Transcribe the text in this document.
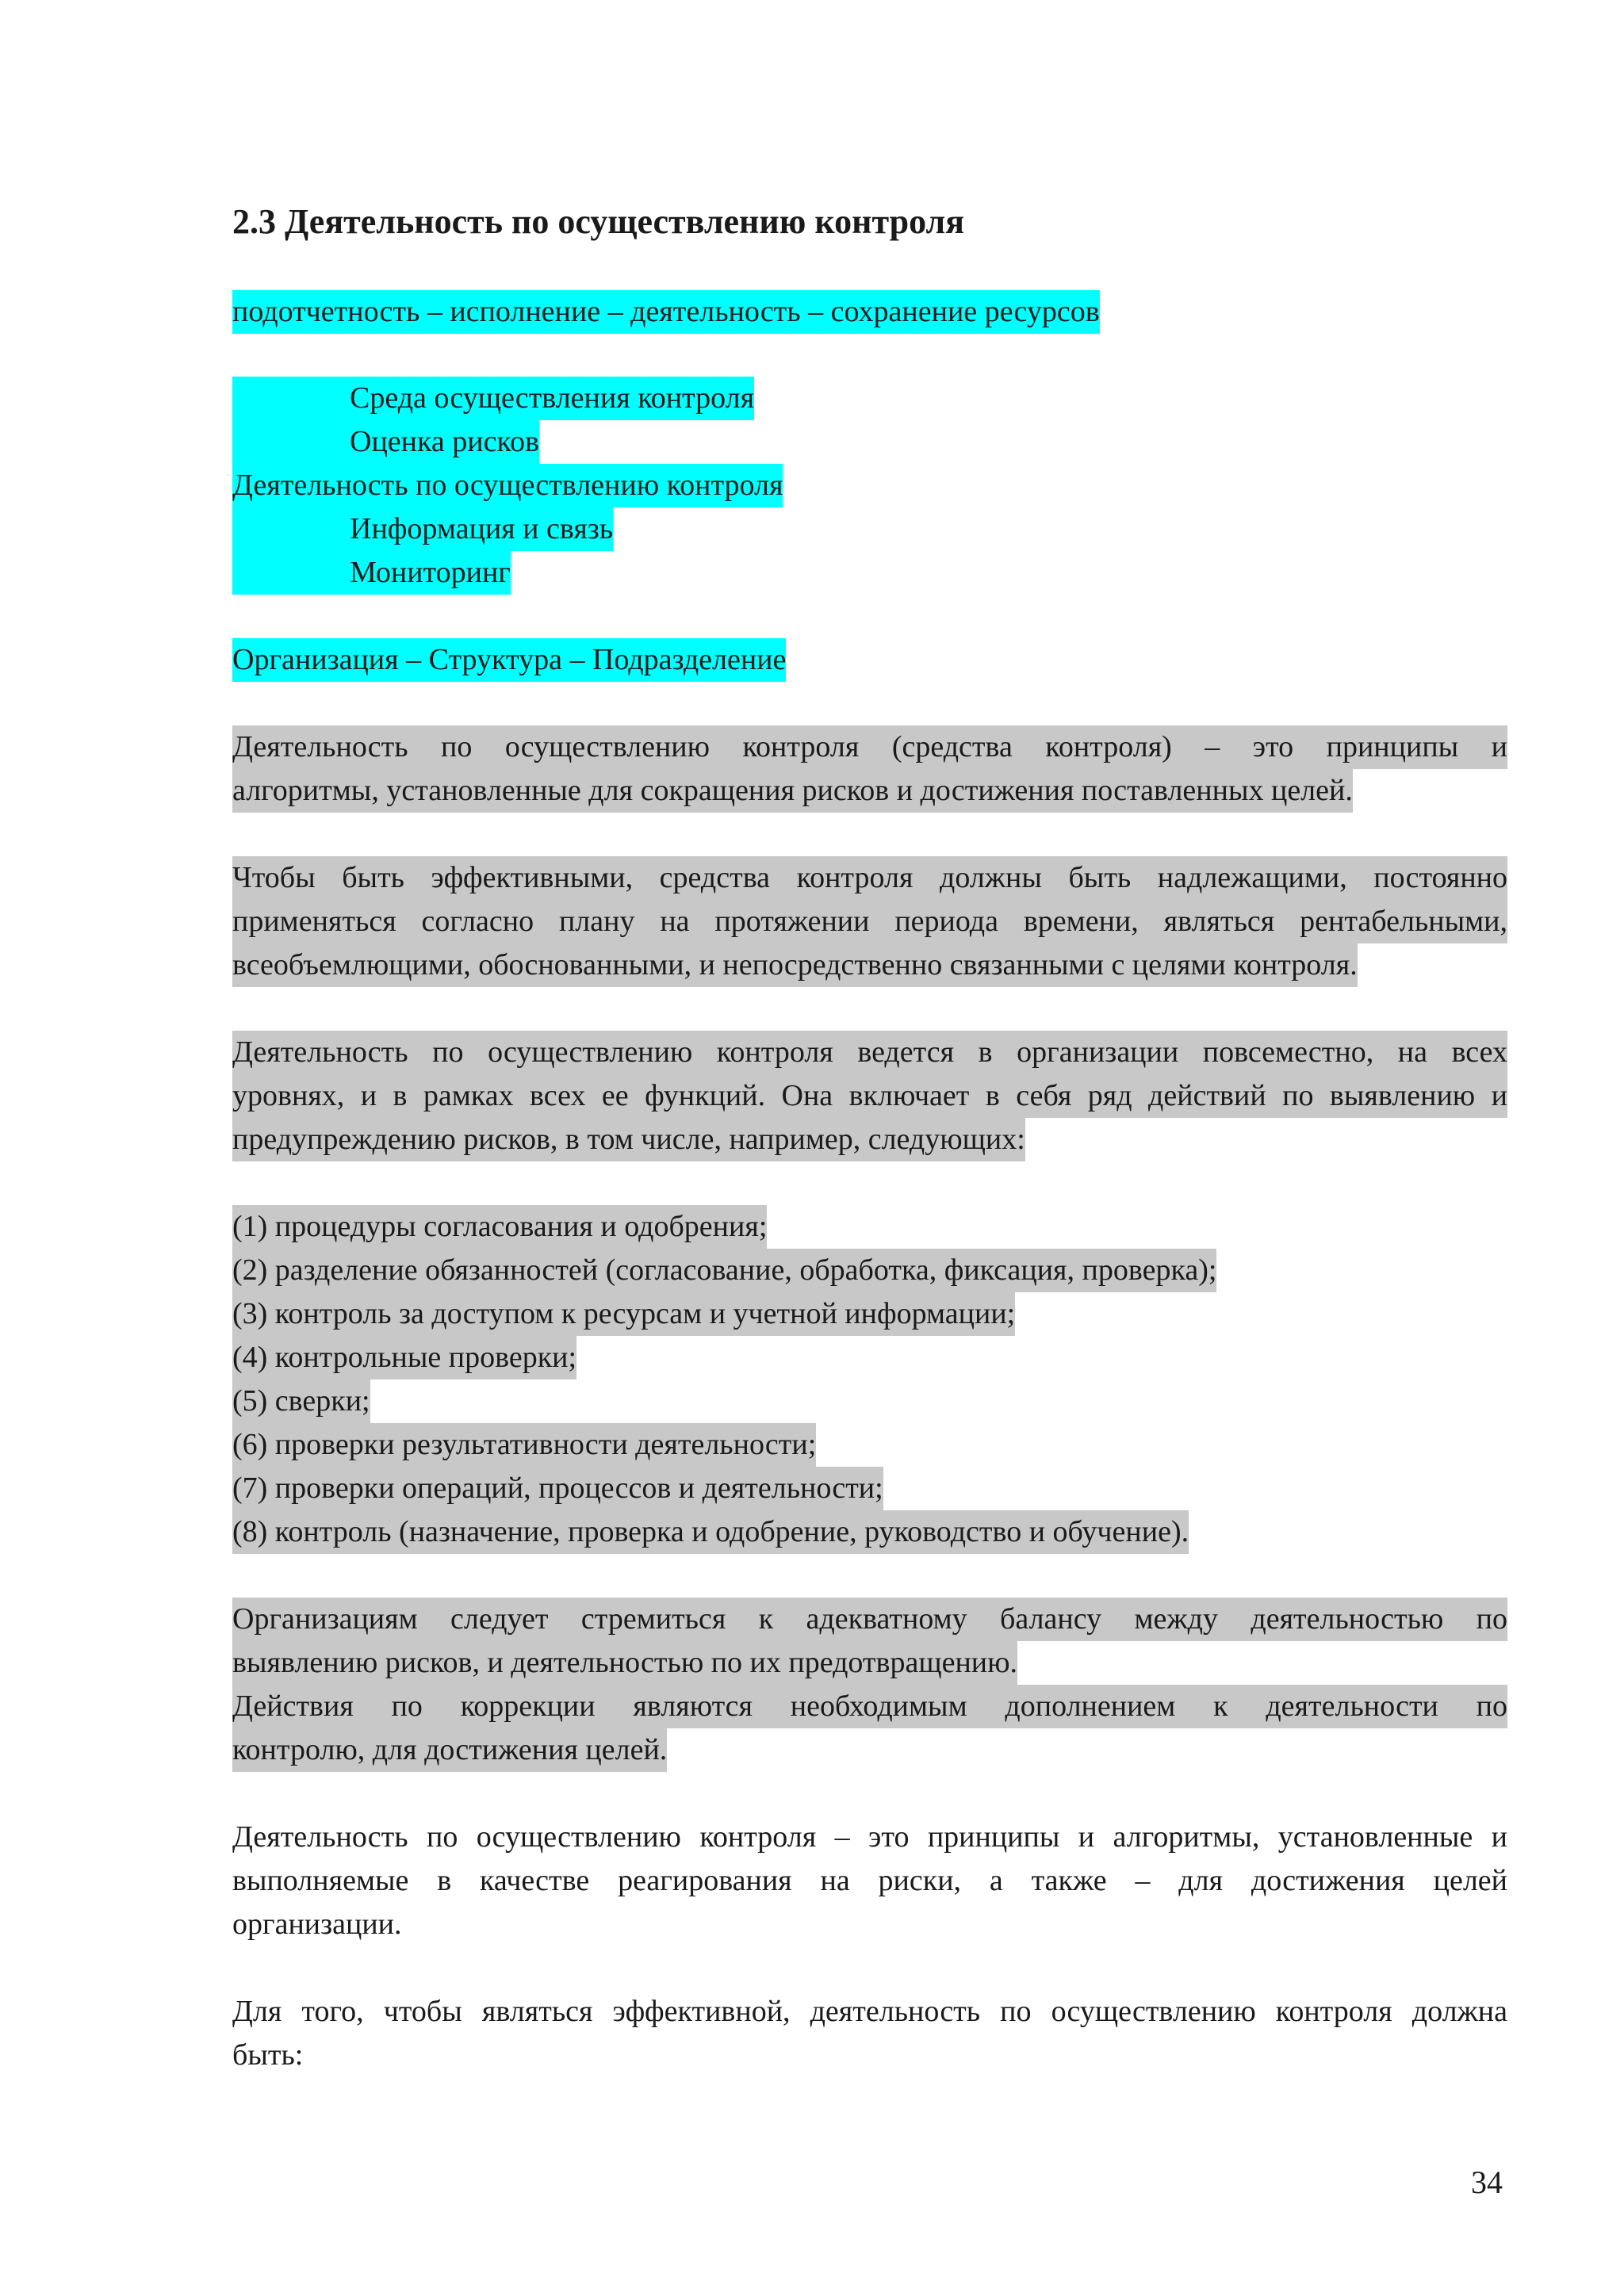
2.3 Деятельность по осуществлению контроля
подотчетность – исполнение – деятельность – сохранение ресурсов
Среда осуществления контроля
Оценка рисков
Деятельность по осуществлению контроля
Информация и связь
Мониторинг
Организация – Структура – Подразделение
Деятельность по осуществлению контроля (средства контроля) – это принципы и
алгоритмы, установленные для сокращения рисков и достижения поставленных целей.
Чтобы быть эффективными, средства контроля должны быть надлежащими, постоянно
применяться согласно плану на протяжении периода времени, являться рентабельными,
всеобъемлющими, обоснованными, и непосредственно связанными с целями контроля.
Деятельность по осуществлению контроля ведется в организации повсеместно, на всех
уровнях, и в рамках всех ее функций. Она включает в себя ряд действий по выявлению и
предупреждению рисков, в том числе, например, следующих:
(1) процедуры согласования и одобрения;
(2) разделение обязанностей (согласование, обработка, фиксация, проверка);
(3) контроль за доступом к ресурсам и учетной информации;
(4) контрольные проверки;
(5) сверки;
(6) проверки результативности деятельности;
(7) проверки операций, процессов и деятельности;
(8) контроль (назначение, проверка и одобрение, руководство и обучение).
Организациям следует стремиться к адекватному балансу между деятельностью по
выявлению рисков, и деятельностью по их предотвращению.
Действия по коррекции являются необходимым дополнением к деятельности по
контролю, для достижения целей.
Деятельность по осуществлению контроля – это принципы и алгоритмы, установленные и
выполняемые в качестве реагирования на риски, а также – для достижения целей
организации.
Для того, чтобы являться эффективной, деятельность по осуществлению контроля должна
быть:
34
